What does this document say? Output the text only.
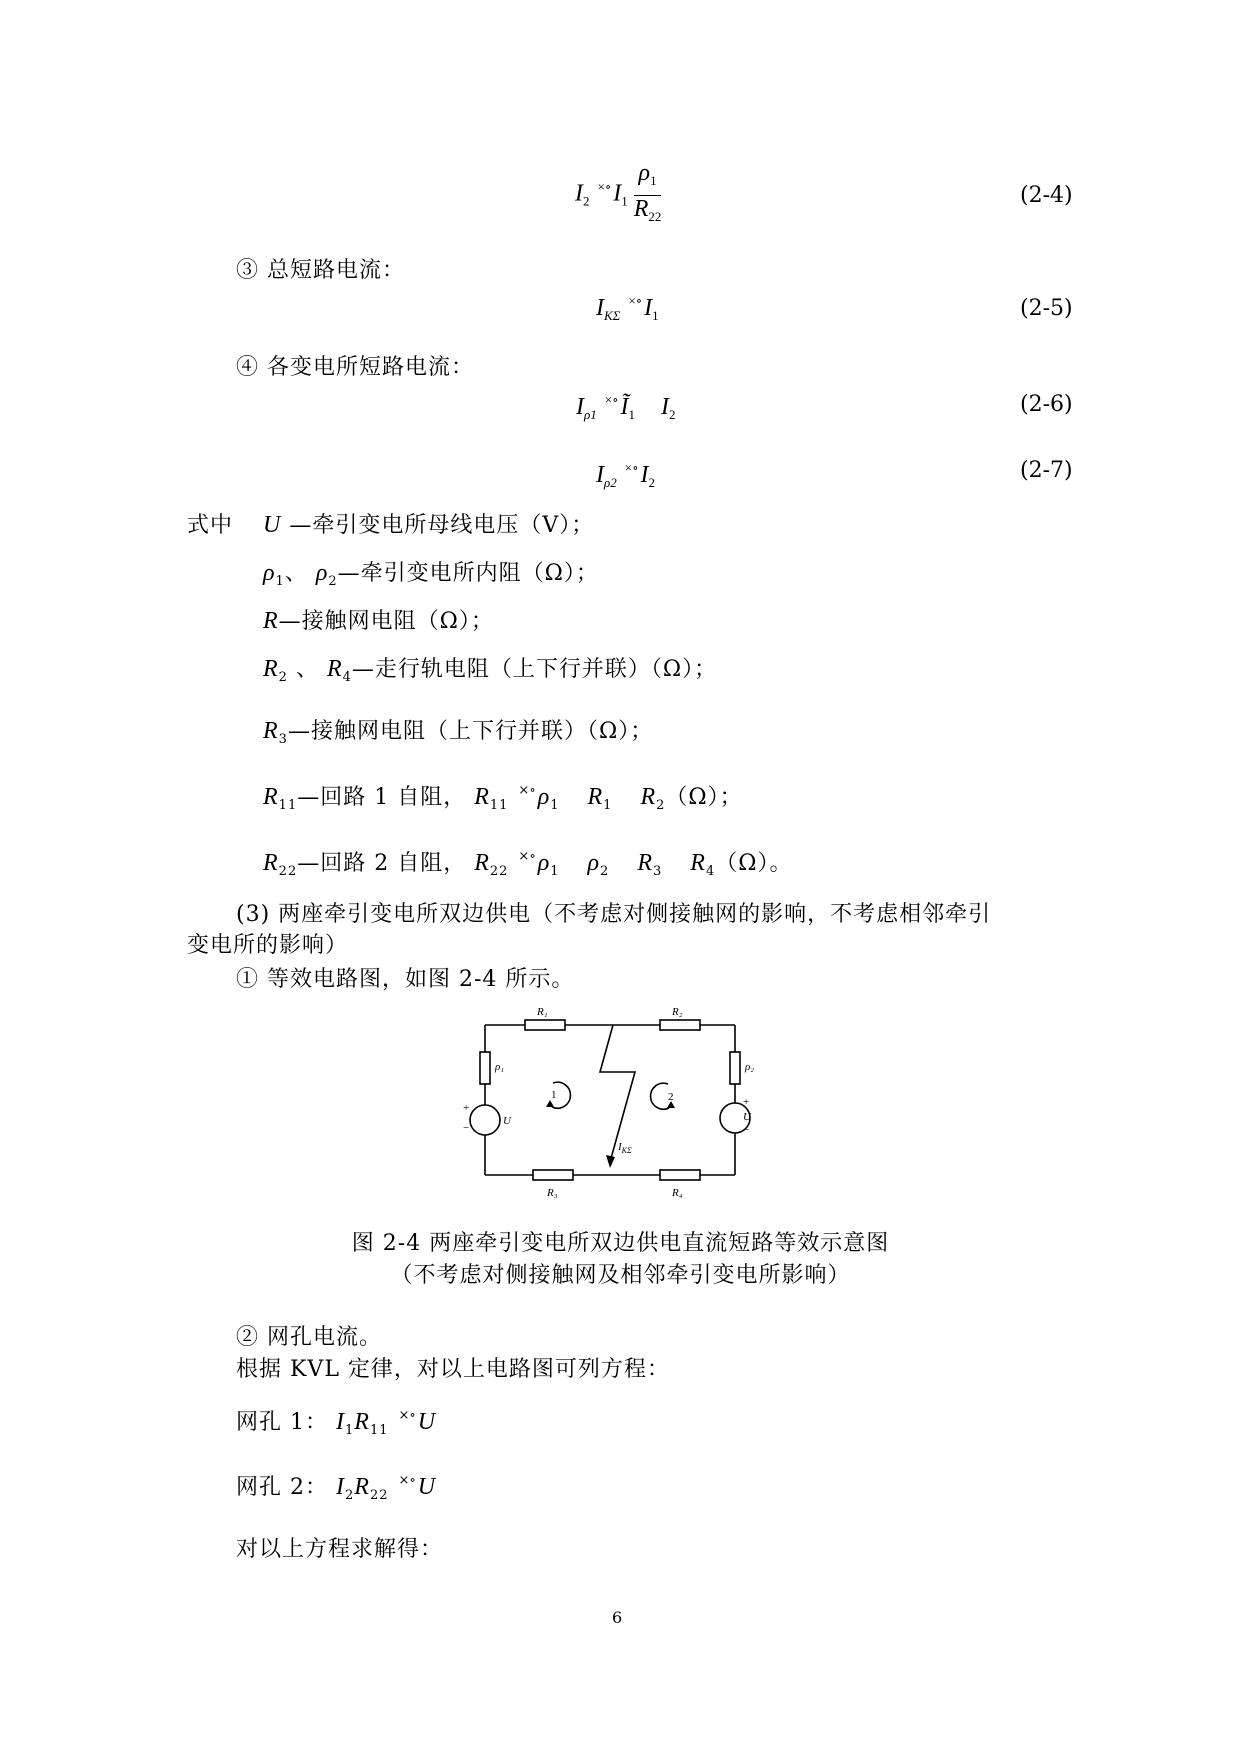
$I_2$ $^{\times\circ}I_1 \frac{\rho_1}{R_{22}}$	(2-4)
③ 总短路电流：
$I_{K\Sigma}$ $^{\times\circ}I_1$	(2-5)
④ 各变电所短路电流：
$I_{\rho 1}$ $^{\times\circ}Ĩ_1$ $I_2$	(2-6)
$I_{\rho 2}$ $^{\times\circ}I_2$	(2-7)
式中 U —牵引变电所母线电压（V）；
$\rho_1$、 $\rho_2—$牵引变电所内阻（Ω）；
R—接触网电阻（Ω）；
$R_2$ 、 $R_4—$走行轨电阻（上下行并联）（Ω）；
$R_3—$接触网电阻（上下行并联）（Ω）；
$R_{11}—$回路 1 自阻， $R_{11}$ $^{\times\circ}\rho_1$ $R_1$ $R_2(\Omega)$；
$R_{22}—$回路 2 自阻， $R_{22}$ $^{\times\circ}\rho_1$ $\rho_2$ $R_3$ $R_4(\Omega)$。
(3) 两座牵引变电所双边供电（不考虑对侧接触网的影响，不考虑相邻牵引
变电所的影响）
① 等效电路图，如图 2-4 所示。
R₁	R₂
R₃	R₄
ρ₁	ρ₂
U	U
$I_{K\Sigma}$
+
−
+
−
1	2
图 2-4 两座牵引变电所双边供电直流短路等效示意图
（不考虑对侧接触网及相邻牵引变电所影响）
② 网孔电流。
根据 KVL 定律，对以上电路图可列方程：
网孔 1： $I_1R_{11}$ ×∘U
网孔 2： $I_2R_{22}$ ×∘U
对以上方程求解得：
6
